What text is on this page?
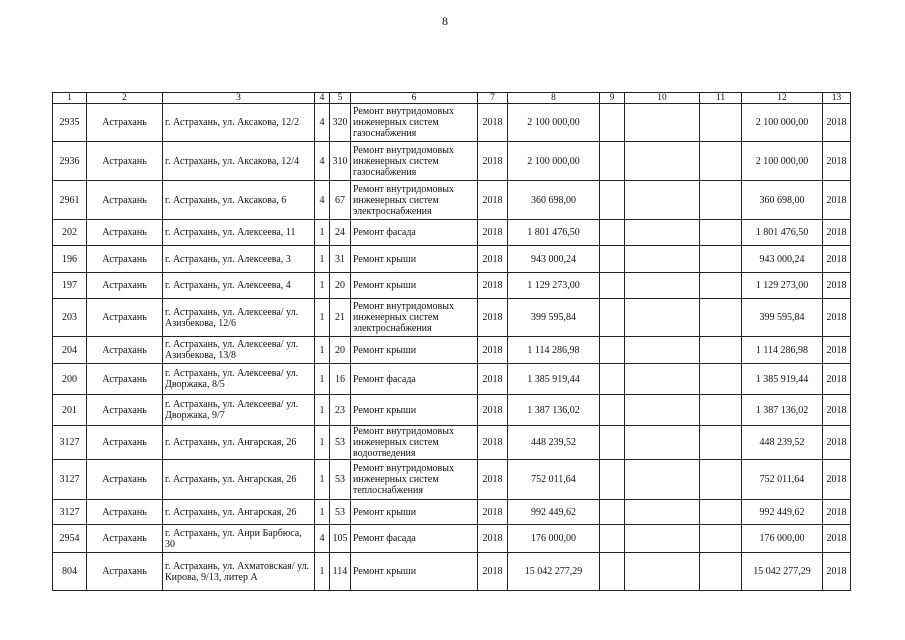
8
1	2	3	4	5	6	7	8	9	10	11	12	13
2935	Астрахань	г. Астрахань, ул. Аксакова, 12/2	4	320	Ремонт внутридомовых инженерных систем газоснабжения	2018	2 100 000,00				2 100 000,00	2018
2936	Астрахань	г. Астрахань, ул. Аксакова, 12/4	4	310	Ремонт внутридомовых инженерных систем газоснабжения	2018	2 100 000,00				2 100 000,00	2018
2961	Астрахань	г. Астрахань, ул. Аксакова, 6	4	67	Ремонт внутридомовых инженерных систем электроснабжения	2018	360 698,00				360 698,00	2018
202	Астрахань	г. Астрахань, ул. Алексеева, 11	1	24	Ремонт фасада	2018	1 801 476,50				1 801 476,50	2018
196	Астрахань	г. Астрахань, ул. Алексеева, 3	1	31	Ремонт крыши	2018	943 000,24				943 000,24	2018
197	Астрахань	г. Астрахань, ул. Алексеева, 4	1	20	Ремонт крыши	2018	1 129 273,00				1 129 273,00	2018
203	Астрахань	г. Астрахань, ул. Алексеева/ ул. Азизбекова, 12/6	1	21	Ремонт внутридомовых инженерных систем электроснабжения	2018	399 595,84				399 595,84	2018
204	Астрахань	г. Астрахань, ул. Алексеева/ ул. Азизбекова, 13/8	1	20	Ремонт крыши	2018	1 114 286,98				1 114 286,98	2018
200	Астрахань	г. Астрахань, ул. Алексеева/ ул. Дворжака, 8/5	1	16	Ремонт фасада	2018	1 385 919,44				1 385 919,44	2018
201	Астрахань	г. Астрахань, ул. Алексеева/ ул. Дворжака, 9/7	1	23	Ремонт крыши	2018	1 387 136,02				1 387 136,02	2018
3127	Астрахань	г. Астрахань, ул. Ангарская, 26	1	53	Ремонт внутридомовых инженерных систем водоотведения	2018	448 239,52				448 239,52	2018
3127	Астрахань	г. Астрахань, ул. Ангарская, 26	1	53	Ремонт внутридомовых инженерных систем теплоснабжения	2018	752 011,64				752 011,64	2018
3127	Астрахань	г. Астрахань, ул. Ангарская, 26	1	53	Ремонт крыши	2018	992 449,62				992 449,62	2018
2954	Астрахань	г. Астрахань, ул. Анри Барбюса, 30	4	105	Ремонт фасада	2018	176 000,00				176 000,00	2018
804	Астрахань	г. Астрахань, ул. Ахматовская/ ул. Кирова, 9/13, литер А	1	114	Ремонт крыши	2018	15 042 277,29				15 042 277,29	2018
